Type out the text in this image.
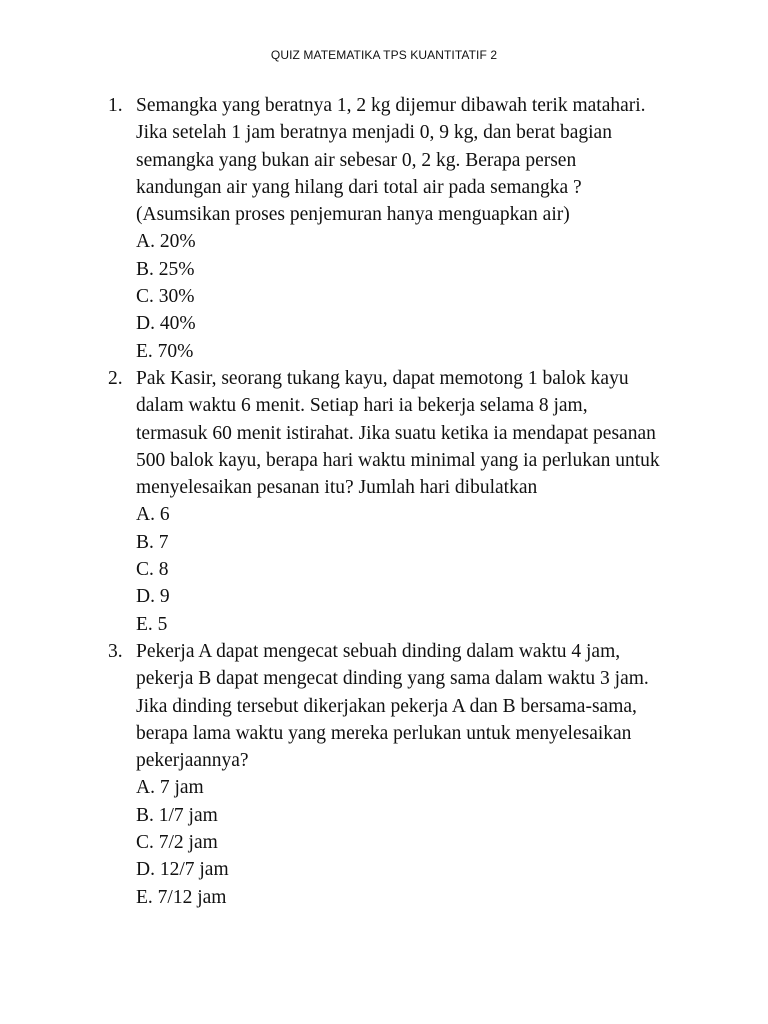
QUIZ MATEMATIKA TPS KUANTITATIF 2
1. Semangka yang beratnya 1, 2 kg dijemur dibawah terik matahari.
Jika setelah 1 jam beratnya menjadi 0, 9 kg, dan berat bagian
semangka yang bukan air sebesar 0, 2 kg. Berapa persen
kandungan air yang hilang dari total air pada semangka ?
(Asumsikan proses penjemuran hanya menguapkan air)
A. 20%
B. 25%
C. 30%
D. 40%
E. 70%
2. Pak Kasir, seorang tukang kayu, dapat memotong 1 balok kayu
dalam waktu 6 menit. Setiap hari ia bekerja selama 8 jam,
termasuk 60 menit istirahat. Jika suatu ketika ia mendapat pesanan
500 balok kayu, berapa hari waktu minimal yang ia perlukan untuk
menyelesaikan pesanan itu? Jumlah hari dibulatkan
A. 6
B. 7
C. 8
D. 9
E. 5
3. Pekerja A dapat mengecat sebuah dinding dalam waktu 4 jam,
pekerja B dapat mengecat dinding yang sama dalam waktu 3 jam.
Jika dinding tersebut dikerjakan pekerja A dan B bersama-sama,
berapa lama waktu yang mereka perlukan untuk menyelesaikan
pekerjaannya?
A. 7 jam
B. 1/7 jam
C. 7/2 jam
D. 12/7 jam
E. 7/12 jam
